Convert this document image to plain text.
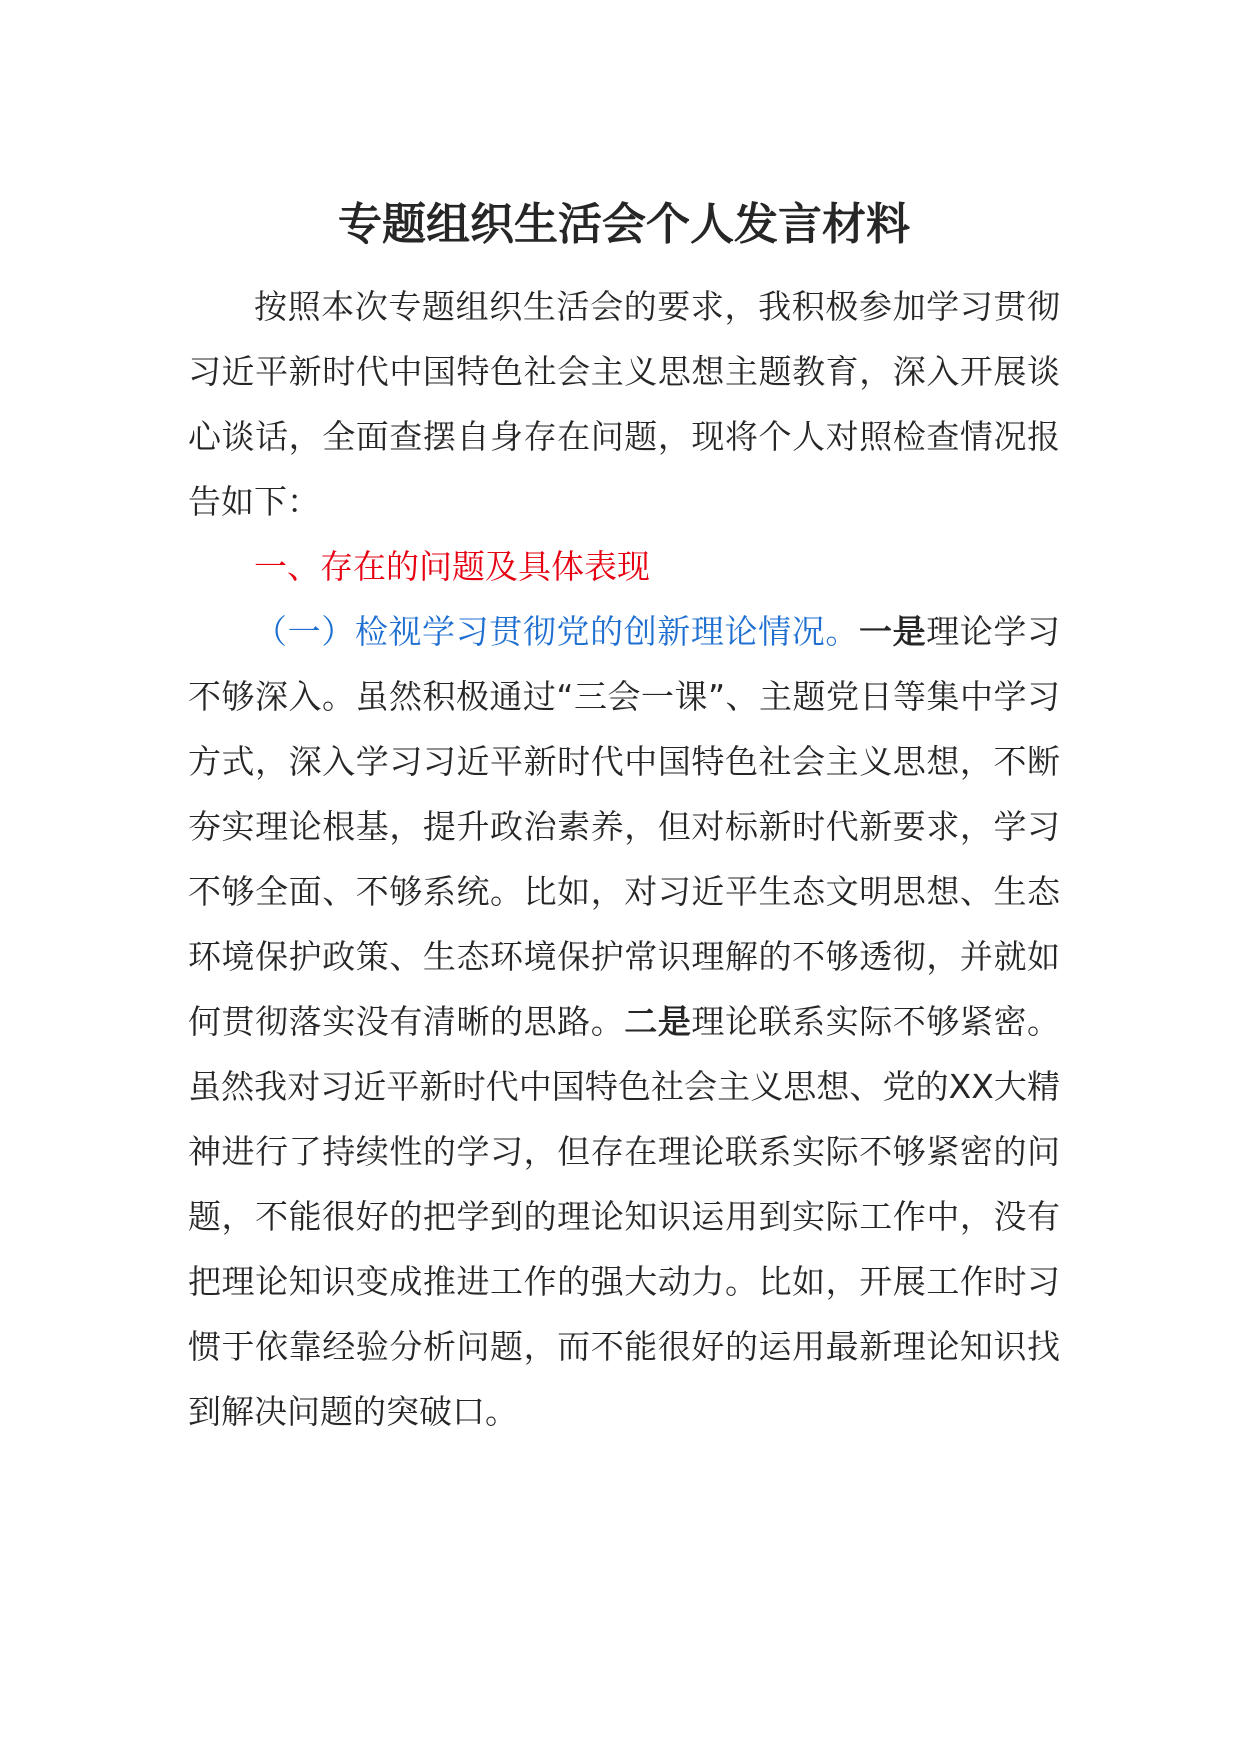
专题组织生活会个人发言材料

按照本次专题组织生活会的要求，我积极参加学习贯彻习近平新时代中国特色社会主义思想主题教育，深入开展谈心谈话，全面查摆自身存在问题，现将个人对照检查情况报告如下：

一、存在的问题及具体表现

（一）检视学习贯彻党的创新理论情况。一是理论学习不够深入。虽然积极通过“三会一课”、主题党日等集中学习方式，深入学习习近平新时代中国特色社会主义思想，不断夯实理论根基，提升政治素养，但对标新时代新要求，学习不够全面、不够系统。比如，对习近平生态文明思想、生态环境保护政策、生态环境保护常识理解的不够透彻，并就如何贯彻落实没有清晰的思路。二是理论联系实际不够紧密。虽然我对习近平新时代中国特色社会主义思想、党的XX大精神进行了持续性的学习，但存在理论联系实际不够紧密的问题，不能很好的把学到的理论知识运用到实际工作中，没有把理论知识变成推进工作的强大动力。比如，开展工作时习惯于依靠经验分析问题，而不能很好的运用最新理论知识找到解决问题的突破口。
